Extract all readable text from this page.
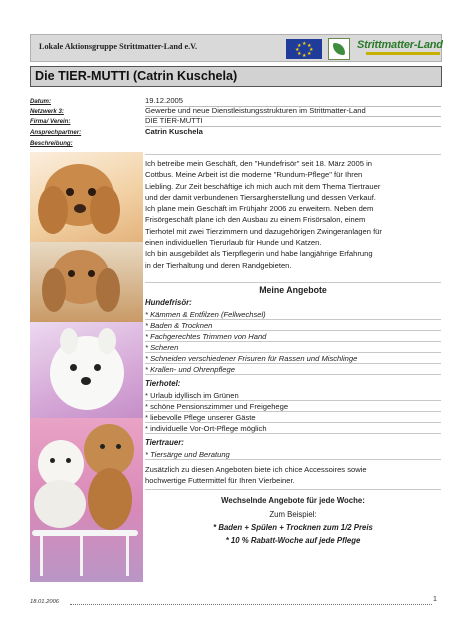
Lokale Aktionsgruppe Strittmatter-Land e.V.	★ ★
★
★
★
★
★
★	Strittmatter-Land
Die TIER-MUTTI (Catrin Kuschela)
Datum:	19.12.2005
Netzwerk 3:	Gewerbe und neue Dienstleistungsstrukturen im Strittmatter-Land
Firma/ Verein:	DIE TIER-MUTTI
Ansprechpartner:	Catrin Kuschela
Beschreibung:
Ich betreibe mein Geschäft, den "Hundefrisör" seit 18. März 2005 in
Cottbus. Meine Arbeit ist die moderne "Rundum-Pflege" für Ihren
Liebling. Zur Zeit beschäftige ich mich auch mit dem Thema Tiertrauer
und der damit verbundenen Tiersargherstellung und dessen Verkauf.
Ich plane mein Geschäft im Frühjahr 2006 zu erweitern. Neben dem
Frisörgeschäft plane ich den Ausbau zu einem Frisörsalon, einem
Tierhotel mit zwei Tierzimmern und dazugehörigen Zwingeranlagen für
einen individuellen Tierurlaub für Hunde und Katzen.
Ich bin ausgebildet als Tierpflegerin und habe langjährige Erfahrung
in der Tierhaltung und deren Randgebieten.
Meine Angebote
Hundefrisör:
* Kämmen & Entfilzen (Fellwechsel)
* Baden & Trocknen
* Fachgerechtes Trimmen von Hand
* Scheren
* Schneiden verschiedener Frisuren für Rassen und Mischlinge
* Krallen- und Ohrenpflege
Tierhotel:
* Urlaub idyllisch im Grünen
* schöne Pensionszimmer und Freigehege
* liebevolle Pflege unserer Gäste
* individuelle Vor-Ort-Pflege möglich
Tiertrauer:
* Tiersärge und Beratung
Zusätzlich zu diesen Angeboten biete ich chice Accessoires sowie
hochwertige Futtermittel für Ihren Vierbeiner.
Wechselnde Angebote für jede Woche:
Zum Beispiel:
* Baden + Spülen + Trocknen zum 1/2 Preis
* 10 % Rabatt-Woche auf jede Pflege
18.01.2006	1
